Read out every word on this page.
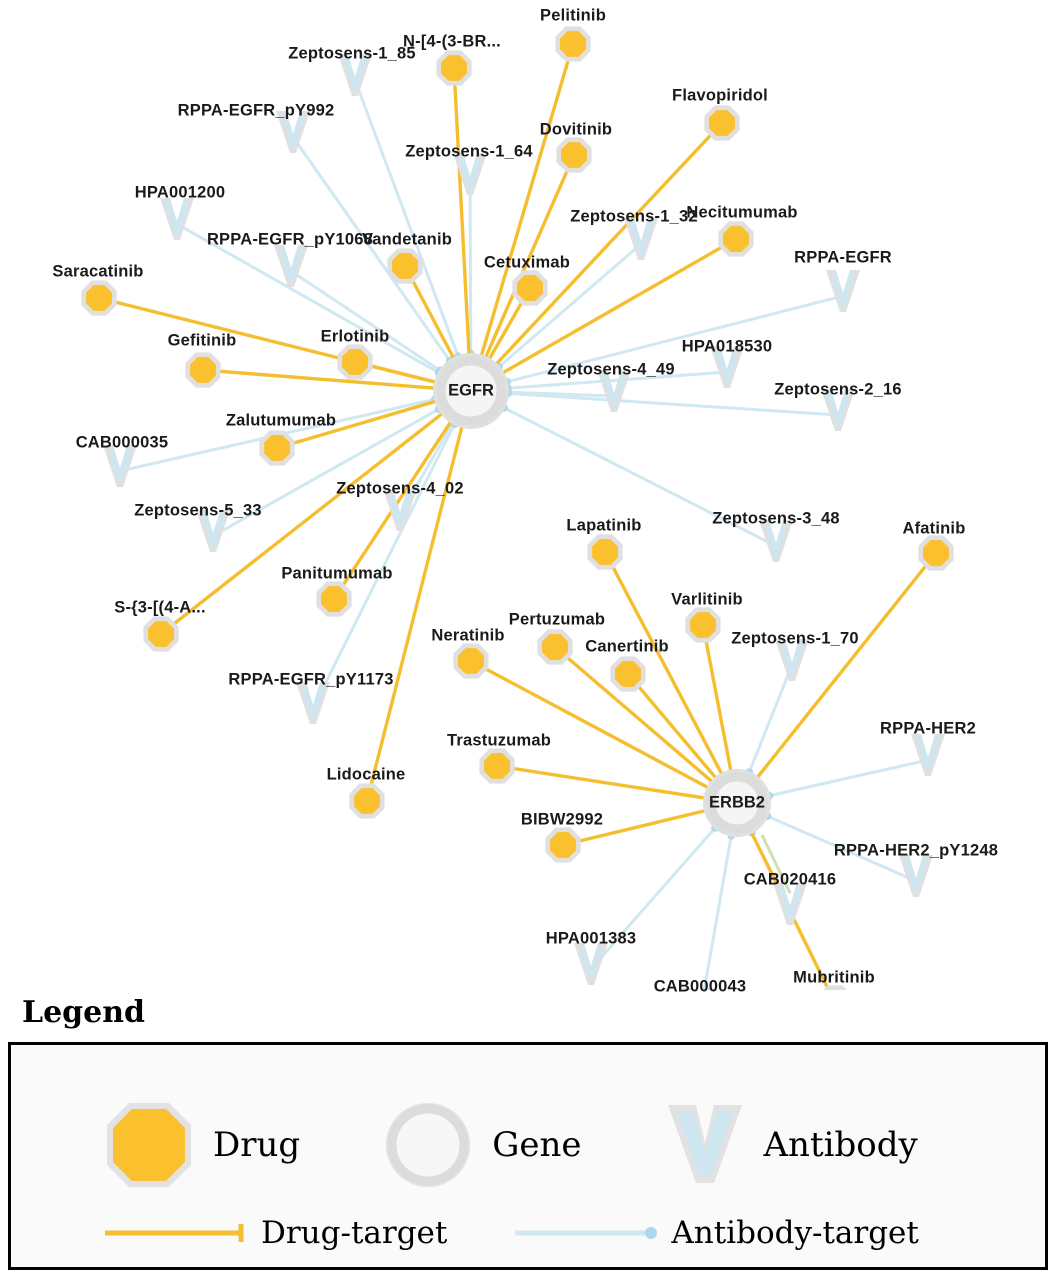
Zeptosens-1_85
RPPA-EGFR_pY992
Zeptosens-1_64
HPA001200
Zeptosens-1_32
RPPA-EGFR_pY1068
RPPA-EGFR
HPA018530
Zeptosens-4_49
Zeptosens-2_16
CAB000035
Zeptosens-4_02
Zeptosens-5_33	Zeptosens-3_48
Zeptosens-1_70
RPPA-EGFR_pY1173
RPPA-HER2
RPPA-HER2_pY1248
CAB020416
HPA001383
CAB000043
Pelitinib
N-[4-(3-BR...
Flavopiridol
Dovitinib
Necitumumab
Vandetanib
Cetuximab
Saracatinib
Erlotinib
Gefitinib
Zalutumumab
Panitumumab
S-{3-[(4-A...
Lapatinib	Afatinib
Varlitinib
Neratinib
Pertuzumab
Canertinib
Trastuzumab
Lidocaine
BIBW2992
Mubritinib
EGFR
ERBB2
Legend
Drug	Gene	Antibody
Drug-target	Antibody-target
